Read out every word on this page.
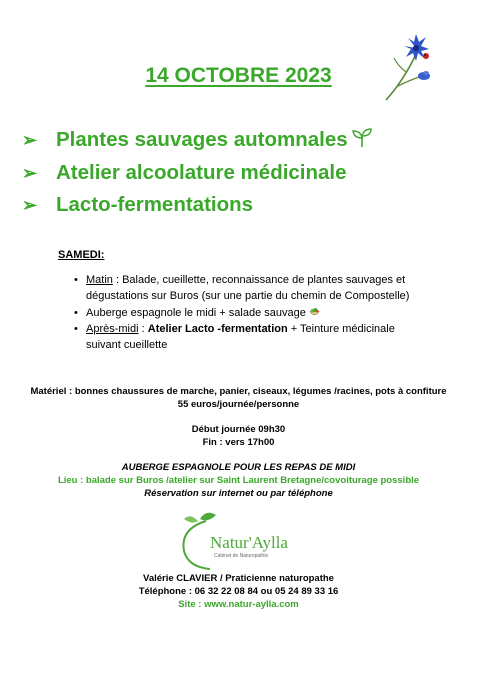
14 OCTOBRE 2023
➢ Plantes sauvages automnales
➢ Atelier alcoolature médicinale
➢ Lacto-fermentations
SAMEDI:
• Matin : Balade, cueillette, reconnaissance de plantes sauvages et dégustations sur Buros (sur une partie du chemin de Compostelle)
• Auberge espagnole le midi + salade sauvage
• Après-midi : Atelier Lacto -fermentation + Teinture médicinale suivant cueillette
Matériel : bonnes chaussures de marche, panier, ciseaux, légumes /racines, pots à confiture
55 euros/journée/personne
Début journée 09h30
Fin : vers 17h00
AUBERGE ESPAGNOLE POUR LES REPAS DE MIDI
Lieu : balade sur Buros /atelier sur Saint Laurent Bretagne/covoiturage possible
Réservation sur internet ou par téléphone
Natur'Aylla
Cabinet de Naturopathie
Valérie CLAVIER / Praticienne naturopathe
Téléphone : 06 32 22 08 84 ou 05 24 89 33 16
Site : www.natur-aylla.com
